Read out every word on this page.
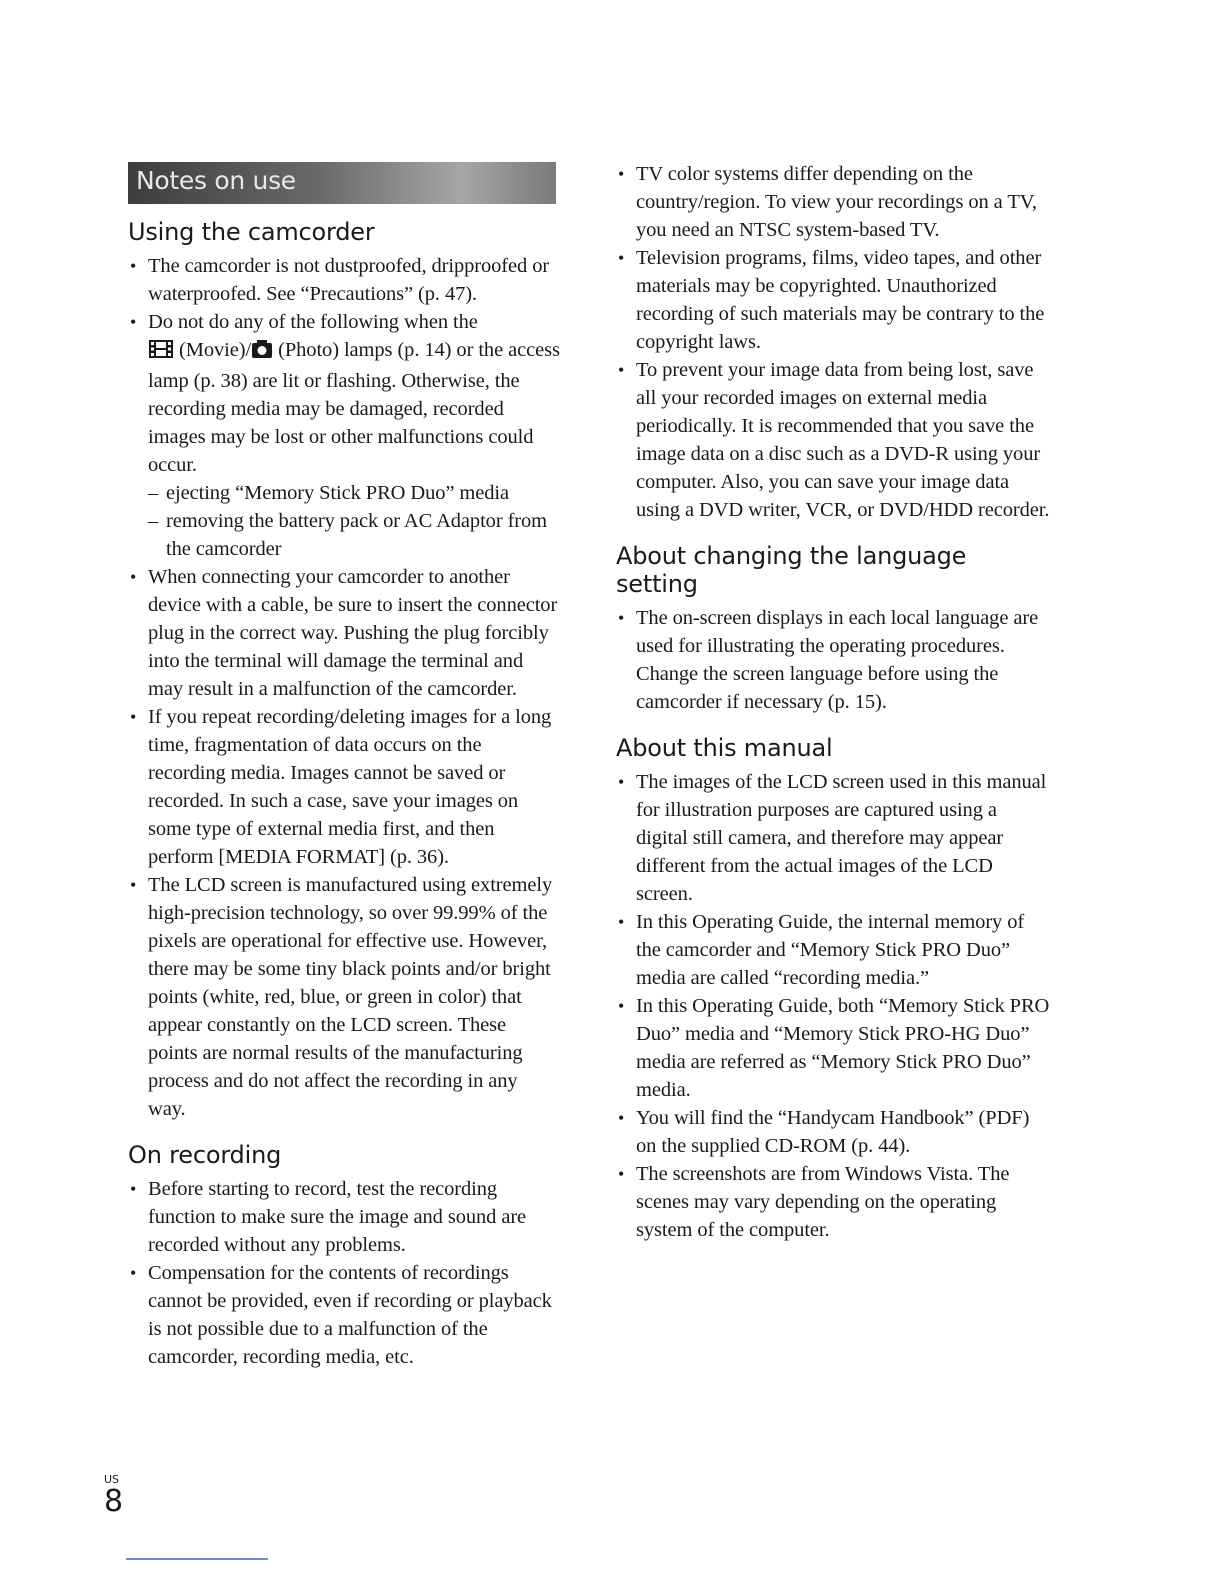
Notes on use
Using the camcorder
• The camcorder is not dustproofed, dripproofed or waterproofed. See “Precautions” (p. 47).
• Do not do any of the following when the
(Movie)/ (Photo) lamps (p. 14) or the access lamp (p. 38) are lit or flashing. Otherwise, the recording media may be damaged, recorded images may be lost or other malfunctions could occur.
– ejecting “Memory Stick PRO Duo” media
– removing the battery pack or AC Adaptor from the camcorder
• When connecting your camcorder to another device with a cable, be sure to insert the connector plug in the correct way. Pushing the plug forcibly into the terminal will damage the terminal and may result in a malfunction of the camcorder.
• If you repeat recording/deleting images for a long time, fragmentation of data occurs on the recording media. Images cannot be saved or recorded. In such a case, save your images on some type of external media first, and then perform [MEDIA FORMAT] (p. 36).
• The LCD screen is manufactured using extremely high-precision technology, so over 99.99% of the pixels are operational for effective use. However, there may be some tiny black points and/or bright points (white, red, blue, or green in color) that appear constantly on the LCD screen. These points are normal results of the manufacturing process and do not affect the recording in any way.
On recording
• Before starting to record, test the recording function to make sure the image and sound are recorded without any problems.
• Compensation for the contents of recordings cannot be provided, even if recording or playback is not possible due to a malfunction of the camcorder, recording media, etc.
• TV color systems differ depending on the country/region. To view your recordings on a TV, you need an NTSC system-based TV.
• Television programs, films, video tapes, and other materials may be copyrighted. Unauthorized recording of such materials may be contrary to the copyright laws.
• To prevent your image data from being lost, save all your recorded images on external media periodically. It is recommended that you save the image data on a disc such as a DVD-R using your computer. Also, you can save your image data using a DVD writer, VCR, or DVD/HDD recorder.
About changing the language setting
• The on-screen displays in each local language are used for illustrating the operating procedures. Change the screen language before using the camcorder if necessary (p. 15).
About this manual
• The images of the LCD screen used in this manual for illustration purposes are captured using a digital still camera, and therefore may appear different from the actual images of the LCD screen.
• In this Operating Guide, the internal memory of the camcorder and “Memory Stick PRO Duo” media are called “recording media.”
• In this Operating Guide, both “Memory Stick PRO Duo” media and “Memory Stick PRO-HG Duo” media are referred as “Memory Stick PRO Duo” media.
• You will find the “Handycam Handbook” (PDF) on the supplied CD-ROM (p. 44).
• The screenshots are from Windows Vista. The scenes may vary depending on the operating system of the computer.
US
8
